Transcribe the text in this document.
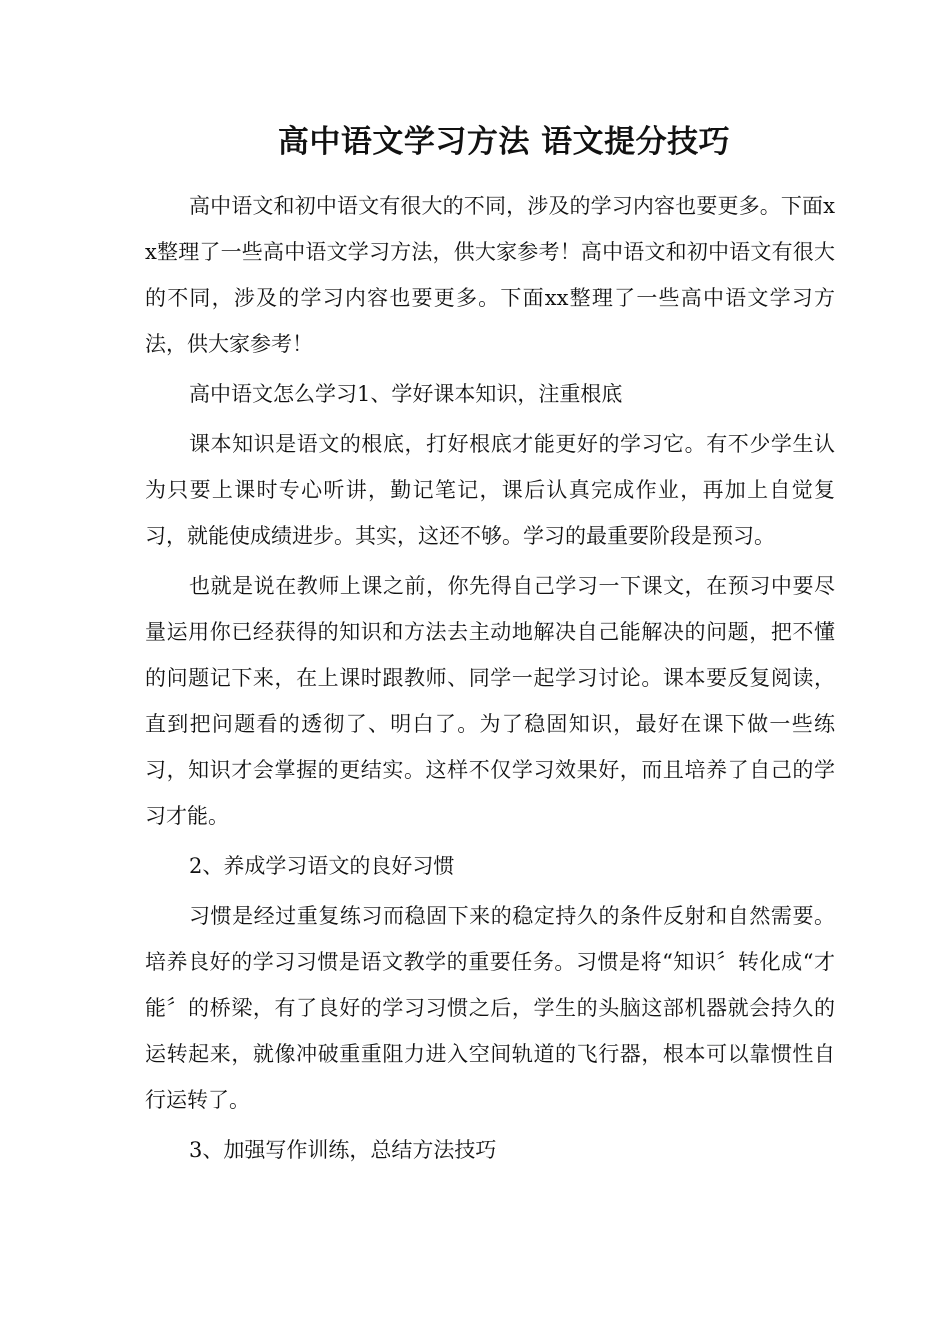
高中语文学习方法 语文提分技巧

高中语文和初中语文有很大的不同，涉及的学习内容也要更多。下面xx整理了一些高中语文学习方法，供大家参考！高中语文和初中语文有很大的不同，涉及的学习内容也要更多。下面xx整理了一些高中语文学习方法，供大家参考！

高中语文怎么学习1、学好课本知识，注重根底

课本知识是语文的根底，打好根底才能更好的学习它。有不少学生认为只要上课时专心听讲，勤记笔记，课后认真完成作业，再加上自觉复习，就能使成绩进步。其实，这还不够。学习的最重要阶段是预习。

也就是说在教师上课之前，你先得自己学习一下课文，在预习中要尽量运用你已经获得的知识和方法去主动地解决自己能解决的问题，把不懂的问题记下来，在上课时跟教师、同学一起学习讨论。课本要反复阅读，直到把问题看的透彻了、明白了。为了稳固知识，最好在课下做一些练习，知识才会掌握的更结实。这样不仅学习效果好，而且培养了自己的学习才能。

2、养成学习语文的良好习惯

习惯是经过重复练习而稳固下来的稳定持久的条件反射和自然需要。培养良好的学习习惯是语文教学的重要任务。习惯是将“知识〞转化成“才能〞的桥梁，有了良好的学习习惯之后，学生的头脑这部机器就会持久的运转起来，就像冲破重重阻力进入空间轨道的飞行器，根本可以靠惯性自行运转了。

3、加强写作训练，总结方法技巧
